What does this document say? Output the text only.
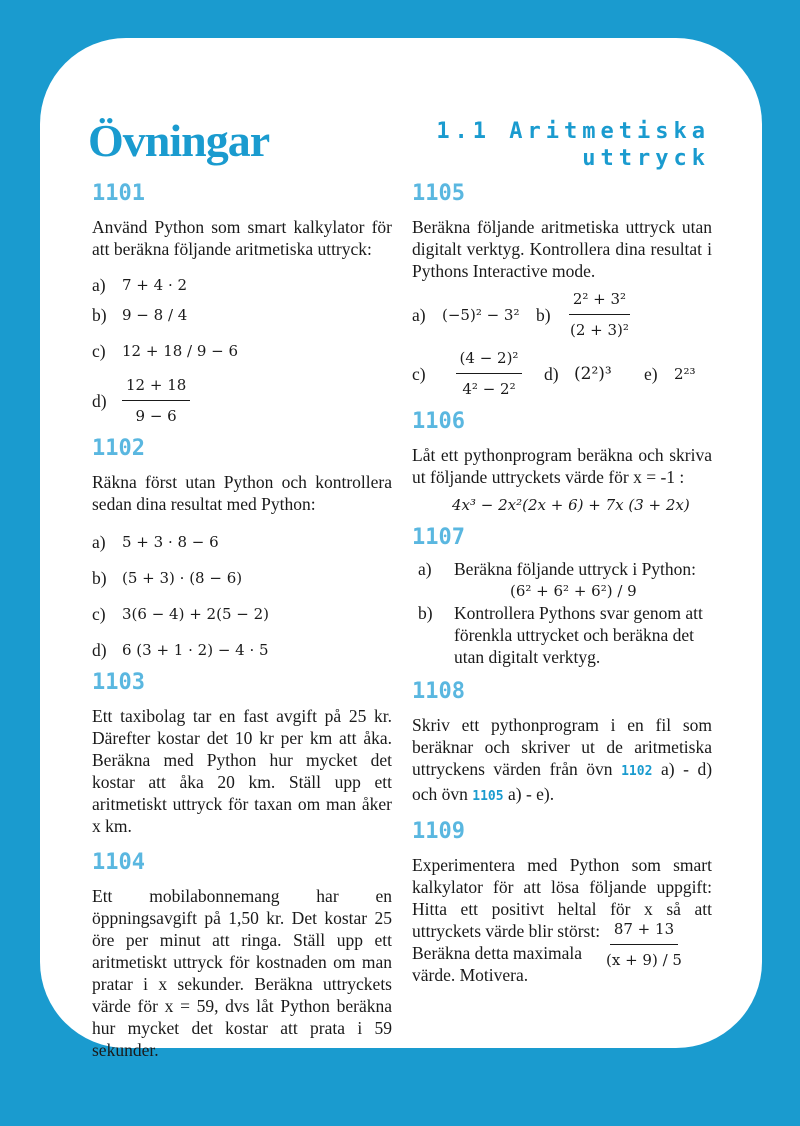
Övningar	1.1 Aritmetiska
uttryck
1101

Använd Python som smart kalkylator för att beräkna följande aritmetiska uttryck:

a)	7 + 4 · 2
b)	9 − 8 / 4
c)	12 + 18 / 9 − 6
d)	$\frac{12 + 18}{9 - 6}$
1102

Räkna först utan Python och kontrollera sedan dina resultat med Python:

a)	5 + 3 · 8 − 6
b)	(5 + 3) · (8 − 6)
c)	3(6 − 4) + 2(5 − 2)
d)	6 (3 + 1 · 2) − 4 · 5
1103

Ett taxibolag tar en fast avgift på 25 kr. Därefter kostar det 10 kr per km att åka. Beräkna med Python hur mycket det kostar att åka 20 km. Ställ upp ett aritmetiskt uttryck för taxan om man åker x km.

1104

Ett mobilabonnemang har en öppningsavgift på 1,50 kr. Det kostar 25 öre per minut att ringa. Ställ upp ett aritmetiskt uttryck för kostnaden om man pratar i x sekunder. Beräkna uttryckets värde för x = 59, dvs låt Python beräkna hur mycket det kostar att prata i 59 sekunder.

1105

Beräkna följande aritmetiska uttryck utan digitalt verktyg. Kontrollera dina resultat i Pythons Interactive mode.

a)	(−5)² − 3² b)	$\frac{\text{2² + 3²}}{\text{(2 + 3)²}}$
c)	$\frac{\text{(4 − 2)²}}{\text{4² − 2²}} d$) (2²)³	e)	2²³
1106

Låt ett pythonprogram beräkna och skriva ut följande uttryckets värde för x = -1 :

4x³ − 2x²(2x + 6) + 7x (3 + 2x)

1107
a)	Beräkna följande uttryck i Python:

(6² + 6² + 6²) / 9

b)	Kontrollera Pythons svar genom att förenkla uttrycket och beräkna det utan digitalt verktyg.

1108

Skriv ett pythonprogram i en fil som beräknar och skriver ut de aritmetiska uttryckens värden från övn 1102 a) - d) och övn 1105 a) - e).

1109

Experimentera med Python som smart kalkylator för att lösa följande uppgift: Hitta ett positivt heltal för x så att uttryckets värde blir störst:

Beräkna detta maximala värde. Motivera.

$\frac{87 + 13}{(x + 9) / 5}$
